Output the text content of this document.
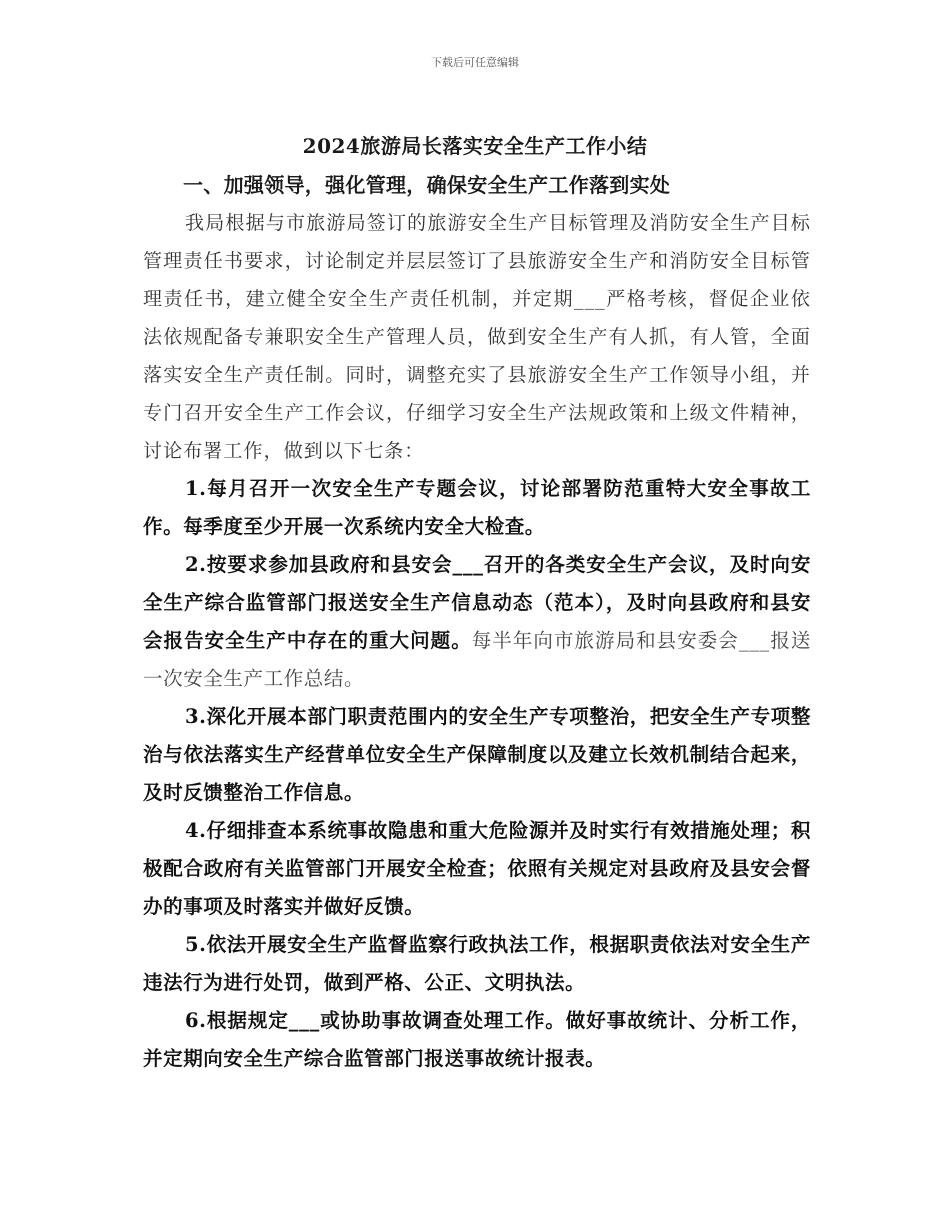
下载后可任意编辑
2024旅游局长落实安全生产工作小结

一、加强领导，强化管理，确保安全生产工作落到实处

我局根据与市旅游局签订的旅游安全生产目标管理及消防安全生产目标管理责任书要求，讨论制定并层层签订了县旅游安全生产和消防安全目标管理责任书，建立健全安全生产责任机制，并定期___严格考核，督促企业依法依规配备专兼职安全生产管理人员，做到安全生产有人抓，有人管，全面落实安全生产责任制。同时，调整充实了县旅游安全生产工作领导小组，并专门召开安全生产工作会议，仔细学习安全生产法规政策和上级文件精神，讨论布署工作，做到以下七条：

1.每月召开一次安全生产专题会议，讨论部署防范重特大安全事故工作。每季度至少开展一次系统内安全大检查。

2.按要求参加县政府和县安会___召开的各类安全生产会议，及时向安全生产综合监管部门报送安全生产信息动态（范本），及时向县政府和县安会报告安全生产中存在的重大问题。每半年向市旅游局和县安委会___报送一次安全生产工作总结。

3.深化开展本部门职责范围内的安全生产专项整治，把安全生产专项整治与依法落实生产经营单位安全生产保障制度以及建立长效机制结合起来，及时反馈整治工作信息。

4.仔细排查本系统事故隐患和重大危险源并及时实行有效措施处理；积极配合政府有关监管部门开展安全检查；依照有关规定对县政府及县安会督办的事项及时落实并做好反馈。

5.依法开展安全生产监督监察行政执法工作，根据职责依法对安全生产违法行为进行处罚，做到严格、公正、文明执法。

6.根据规定___或协助事故调查处理工作。做好事故统计、分析工作，并定期向安全生产综合监管部门报送事故统计报表。
